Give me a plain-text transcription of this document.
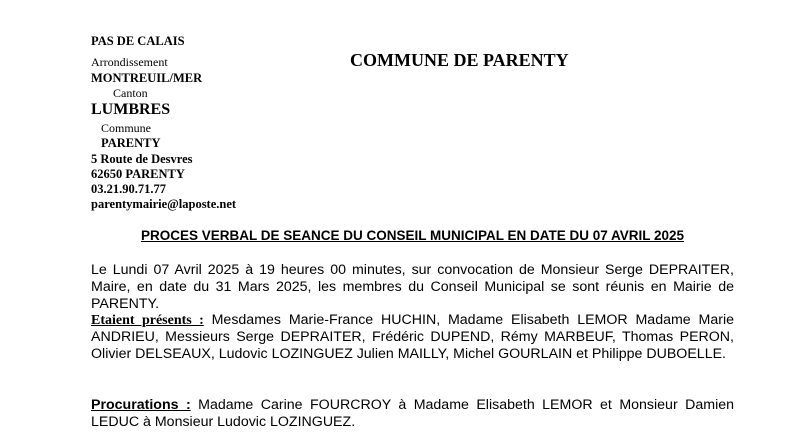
PAS DE CALAIS
Arrondissement
MONTREUIL/MER
Canton
LUMBRES
Commune
PARENTY
5 Route de Desvres
62650 PARENTY
03.21.90.71.77
parentymairie@laposte.net
COMMUNE DE PARENTY
PROCES VERBAL DE SEANCE DU CONSEIL MUNICIPAL EN DATE DU 07 AVRIL 2025
Le Lundi 07 Avril 2025 à 19 heures 00 minutes, sur convocation de Monsieur Serge DEPRAITER, Maire, en date du 31 Mars 2025, les membres du Conseil Municipal se sont réunis en Mairie de PARENTY.
Etaient présents : Mesdames Marie-France HUCHIN, Madame Elisabeth LEMOR Madame Marie ANDRIEU, Messieurs Serge DEPRAITER, Frédéric DUPEND, Rémy MARBEUF, Thomas PERON, Olivier DELSEAUX, Ludovic LOZINGUEZ Julien MAILLY, Michel GOURLAIN et Philippe DUBOELLE.
Procurations : Madame Carine FOURCROY à Madame Elisabeth LEMOR et Monsieur Damien LEDUC à Monsieur Ludovic LOZINGUEZ.
